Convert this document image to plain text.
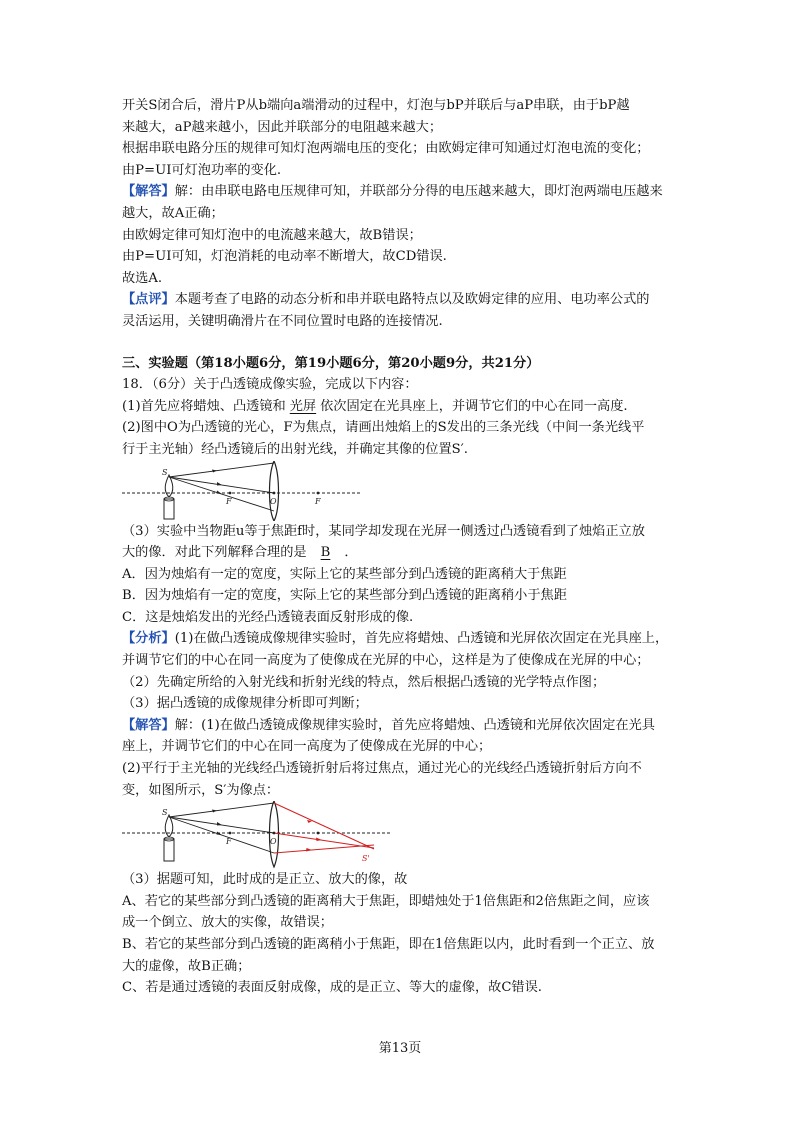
开关S闭合后，滑片P从b端向a端滑动的过程中，灯泡与bP并联后与aP串联，由于bP越
来越大，aP越来越小，因此并联部分的电阻越来越大；
根据串联电路分压的规律可知灯泡两端电压的变化；由欧姆定律可知通过灯泡电流的变化；
由P=UI可灯泡功率的变化.
【解答】解：由串联电路电压规律可知，并联部分分得的电压越来越大，即灯泡两端电压越来
越大，故A正确；
由欧姆定律可知灯泡中的电流越来越大，故B错误；
由P=UI可知，灯泡消耗的电动率不断增大，故CD错误.
故选A.
【点评】本题考查了电路的动态分析和串并联电路特点以及欧姆定律的应用、电功率公式的
灵活运用，关键明确滑片在不同位置时电路的连接情况.
三、实验题（第18小题6分，第19小题6分，第20小题9分，共21分）
18．（6分）关于凸透镜成像实验，完成以下内容：
(1)首先应将蜡烛、凸透镜和 光屏 依次固定在光具座上，并调节它们的中心在同一高度.
(2)图中O为凸透镜的光心，F为焦点，请画出烛焰上的S发出的三条光线（中间一条光线平
行于主光轴）经凸透镜后的出射光线，并确定其像的位置S′.
S
F	O	F
（3）实验中当物距u等于焦距f时，某同学却发现在光屏一侧透过凸透镜看到了烛焰正立放
大的像．对此下列解释合理的是 B ．
A．因为烛焰有一定的宽度，实际上它的某些部分到凸透镜的距离稍大于焦距
B．因为烛焰有一定的宽度，实际上它的某些部分到凸透镜的距离稍小于焦距
C．这是烛焰发出的光经凸透镜表面反射形成的像.
【分析】(1)在做凸透镜成像规律实验时，首先应将蜡烛、凸透镜和光屏依次固定在光具座上，
并调节它们的中心在同一高度为了使像成在光屏的中心，这样是为了使像成在光屏的中心；
（2）先确定所给的入射光线和折射光线的特点，然后根据凸透镜的光学特点作图；
（3）据凸透镜的成像规律分析即可判断；
【解答】解：(1)在做凸透镜成像规律实验时，首先应将蜡烛、凸透镜和光屏依次固定在光具
座上，并调节它们的中心在同一高度为了使像成在光屏的中心；
(2)平行于主光轴的光线经凸透镜折射后将过焦点，通过光心的光线经凸透镜折射后方向不
变，如图所示，S′为像点：
S
F	O
S'
（3）据题可知，此时成的是正立、放大的像，故
A、若它的某些部分到凸透镜的距离稍大于焦距，即蜡烛处于1倍焦距和2倍焦距之间，应该
成一个倒立、放大的实像，故错误；
B、若它的某些部分到凸透镜的距离稍小于焦距，即在1倍焦距以内，此时看到一个正立、放
大的虚像，故B正确；
C、若是通过透镜的表面反射成像，成的是正立、等大的虚像，故C错误.
第13页
